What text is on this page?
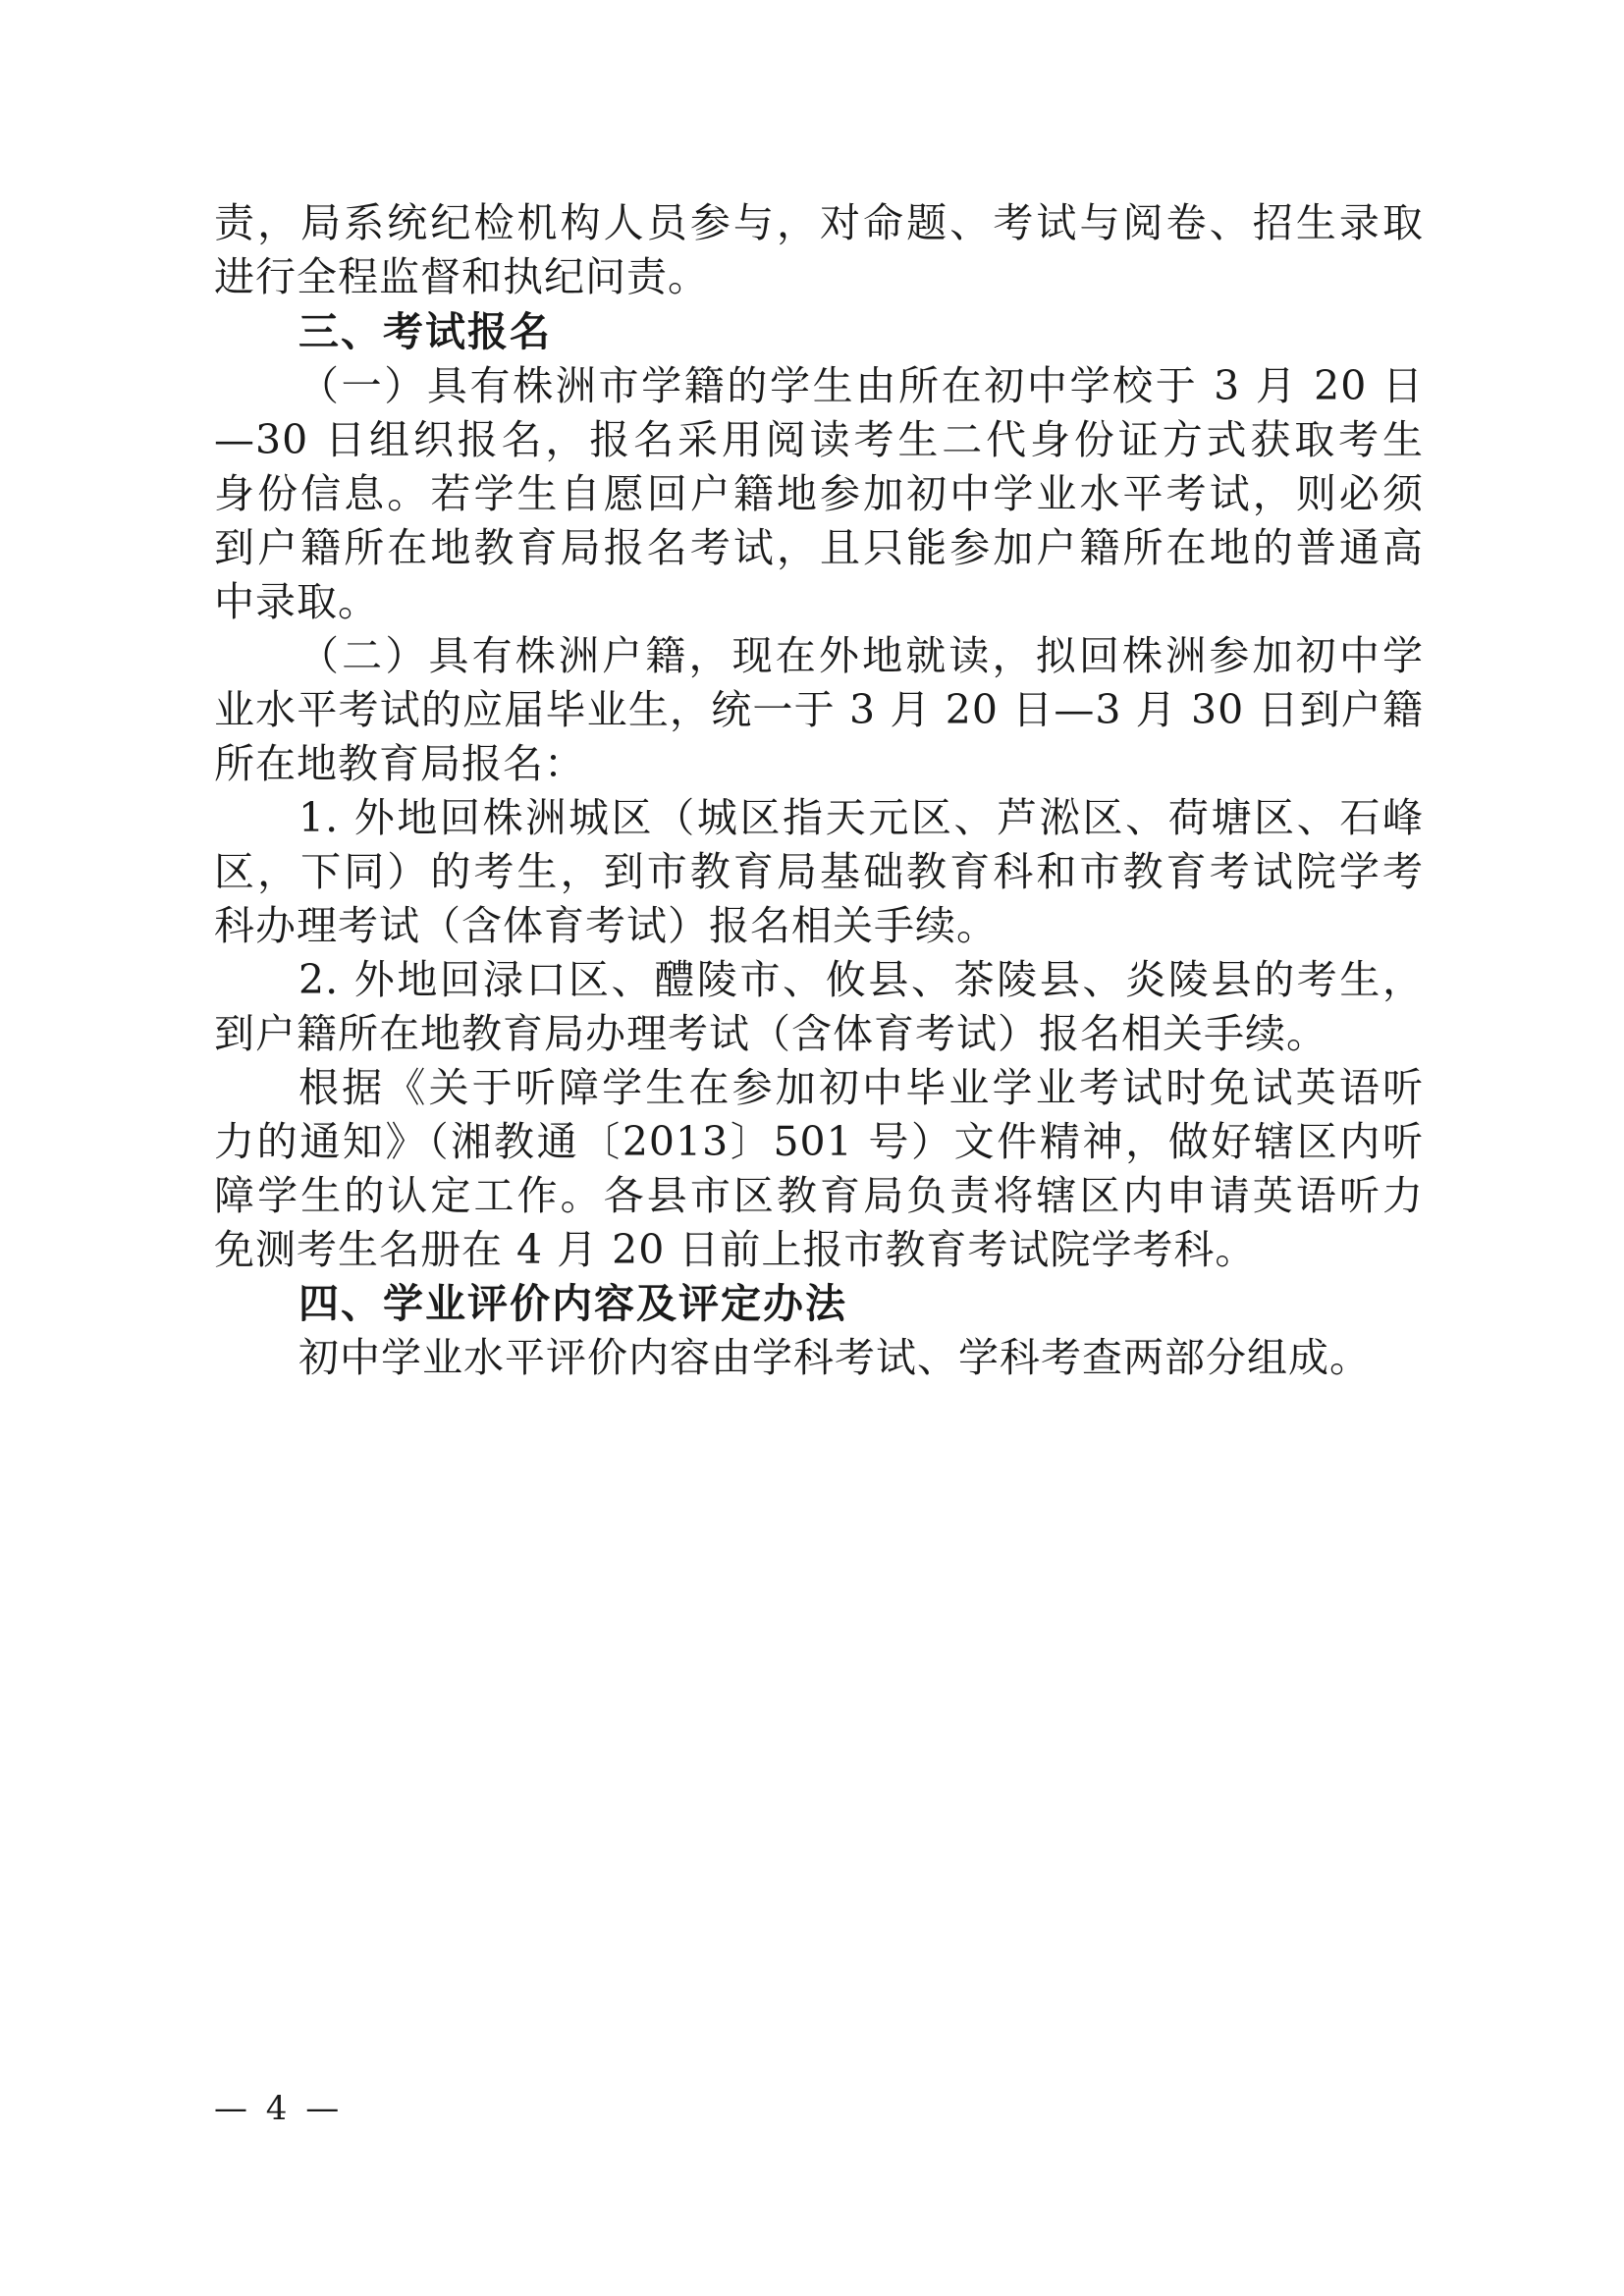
责，局系统纪检机构人员参与，对命题、考试与阅卷、招生录取
进行全程监督和执纪问责。
三、考试报名
（一）具有株洲市学籍的学生由所在初中学校于 3 月 20 日
—30 日组织报名，报名采用阅读考生二代身份证方式获取考生
身份信息。若学生自愿回户籍地参加初中学业水平考试，则必须
到户籍所在地教育局报名考试，且只能参加户籍所在地的普通高
中录取。
（二）具有株洲户籍，现在外地就读，拟回株洲参加初中学
业水平考试的应届毕业生，统一于 3 月 20 日—3 月 30 日到户籍
所在地教育局报名：
1. 外地回株洲城区（城区指天元区、芦淞区、荷塘区、石峰
区，下同）的考生，到市教育局基础教育科和市教育考试院学考
科办理考试（含体育考试）报名相关手续。
2. 外地回渌口区、醴陵市、攸县、茶陵县、炎陵县的考生，
到户籍所在地教育局办理考试（含体育考试）报名相关手续。
根据《关于听障学生在参加初中毕业学业考试时免试英语听
力的通知》（湘教通〔2013〕501 号）文件精神，做好辖区内听
障学生的认定工作。各县市区教育局负责将辖区内申请英语听力
免测考生名册在 4 月 20 日前上报市教育考试院学考科。
四、学业评价内容及评定办法
初中学业水平评价内容由学科考试、学科考查两部分组成。
— 4 —
